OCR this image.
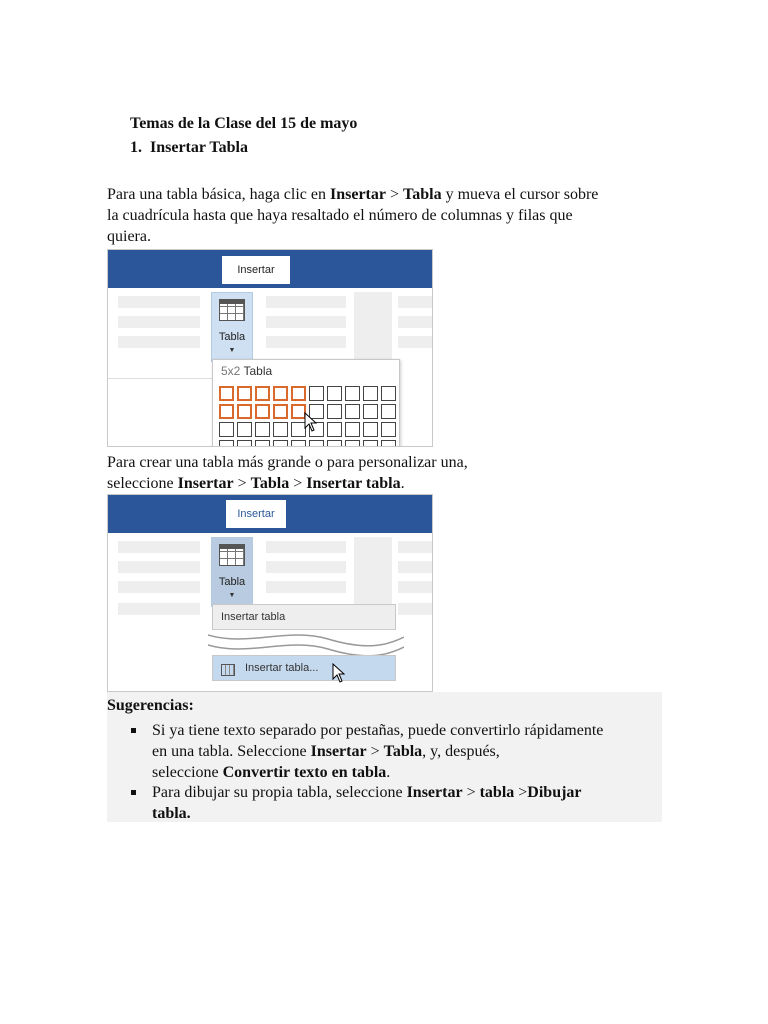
Temas de la Clase del 15 de mayo
1. Insertar Tabla
Para una tabla básica, haga clic en Insertar > Tabla y mueva el cursor sobre
la cuadrícula hasta que haya resaltado el número de columnas y filas que
quiera.
Insertar
Tabla
▼
5x2 Tabla
Para crear una tabla más grande o para personalizar una,
seleccione Insertar > Tabla > Insertar tabla.
Insertar
Tabla
▼
Insertar tabla
Insertar tabla...
Sugerencias:
Si ya tiene texto separado por pestañas, puede convertirlo rápidamente
en una tabla. Seleccione Insertar > Tabla, y, después,
seleccione Convertir texto en tabla.
Para dibujar su propia tabla, seleccione Insertar > tabla >Dibujar
tabla.
